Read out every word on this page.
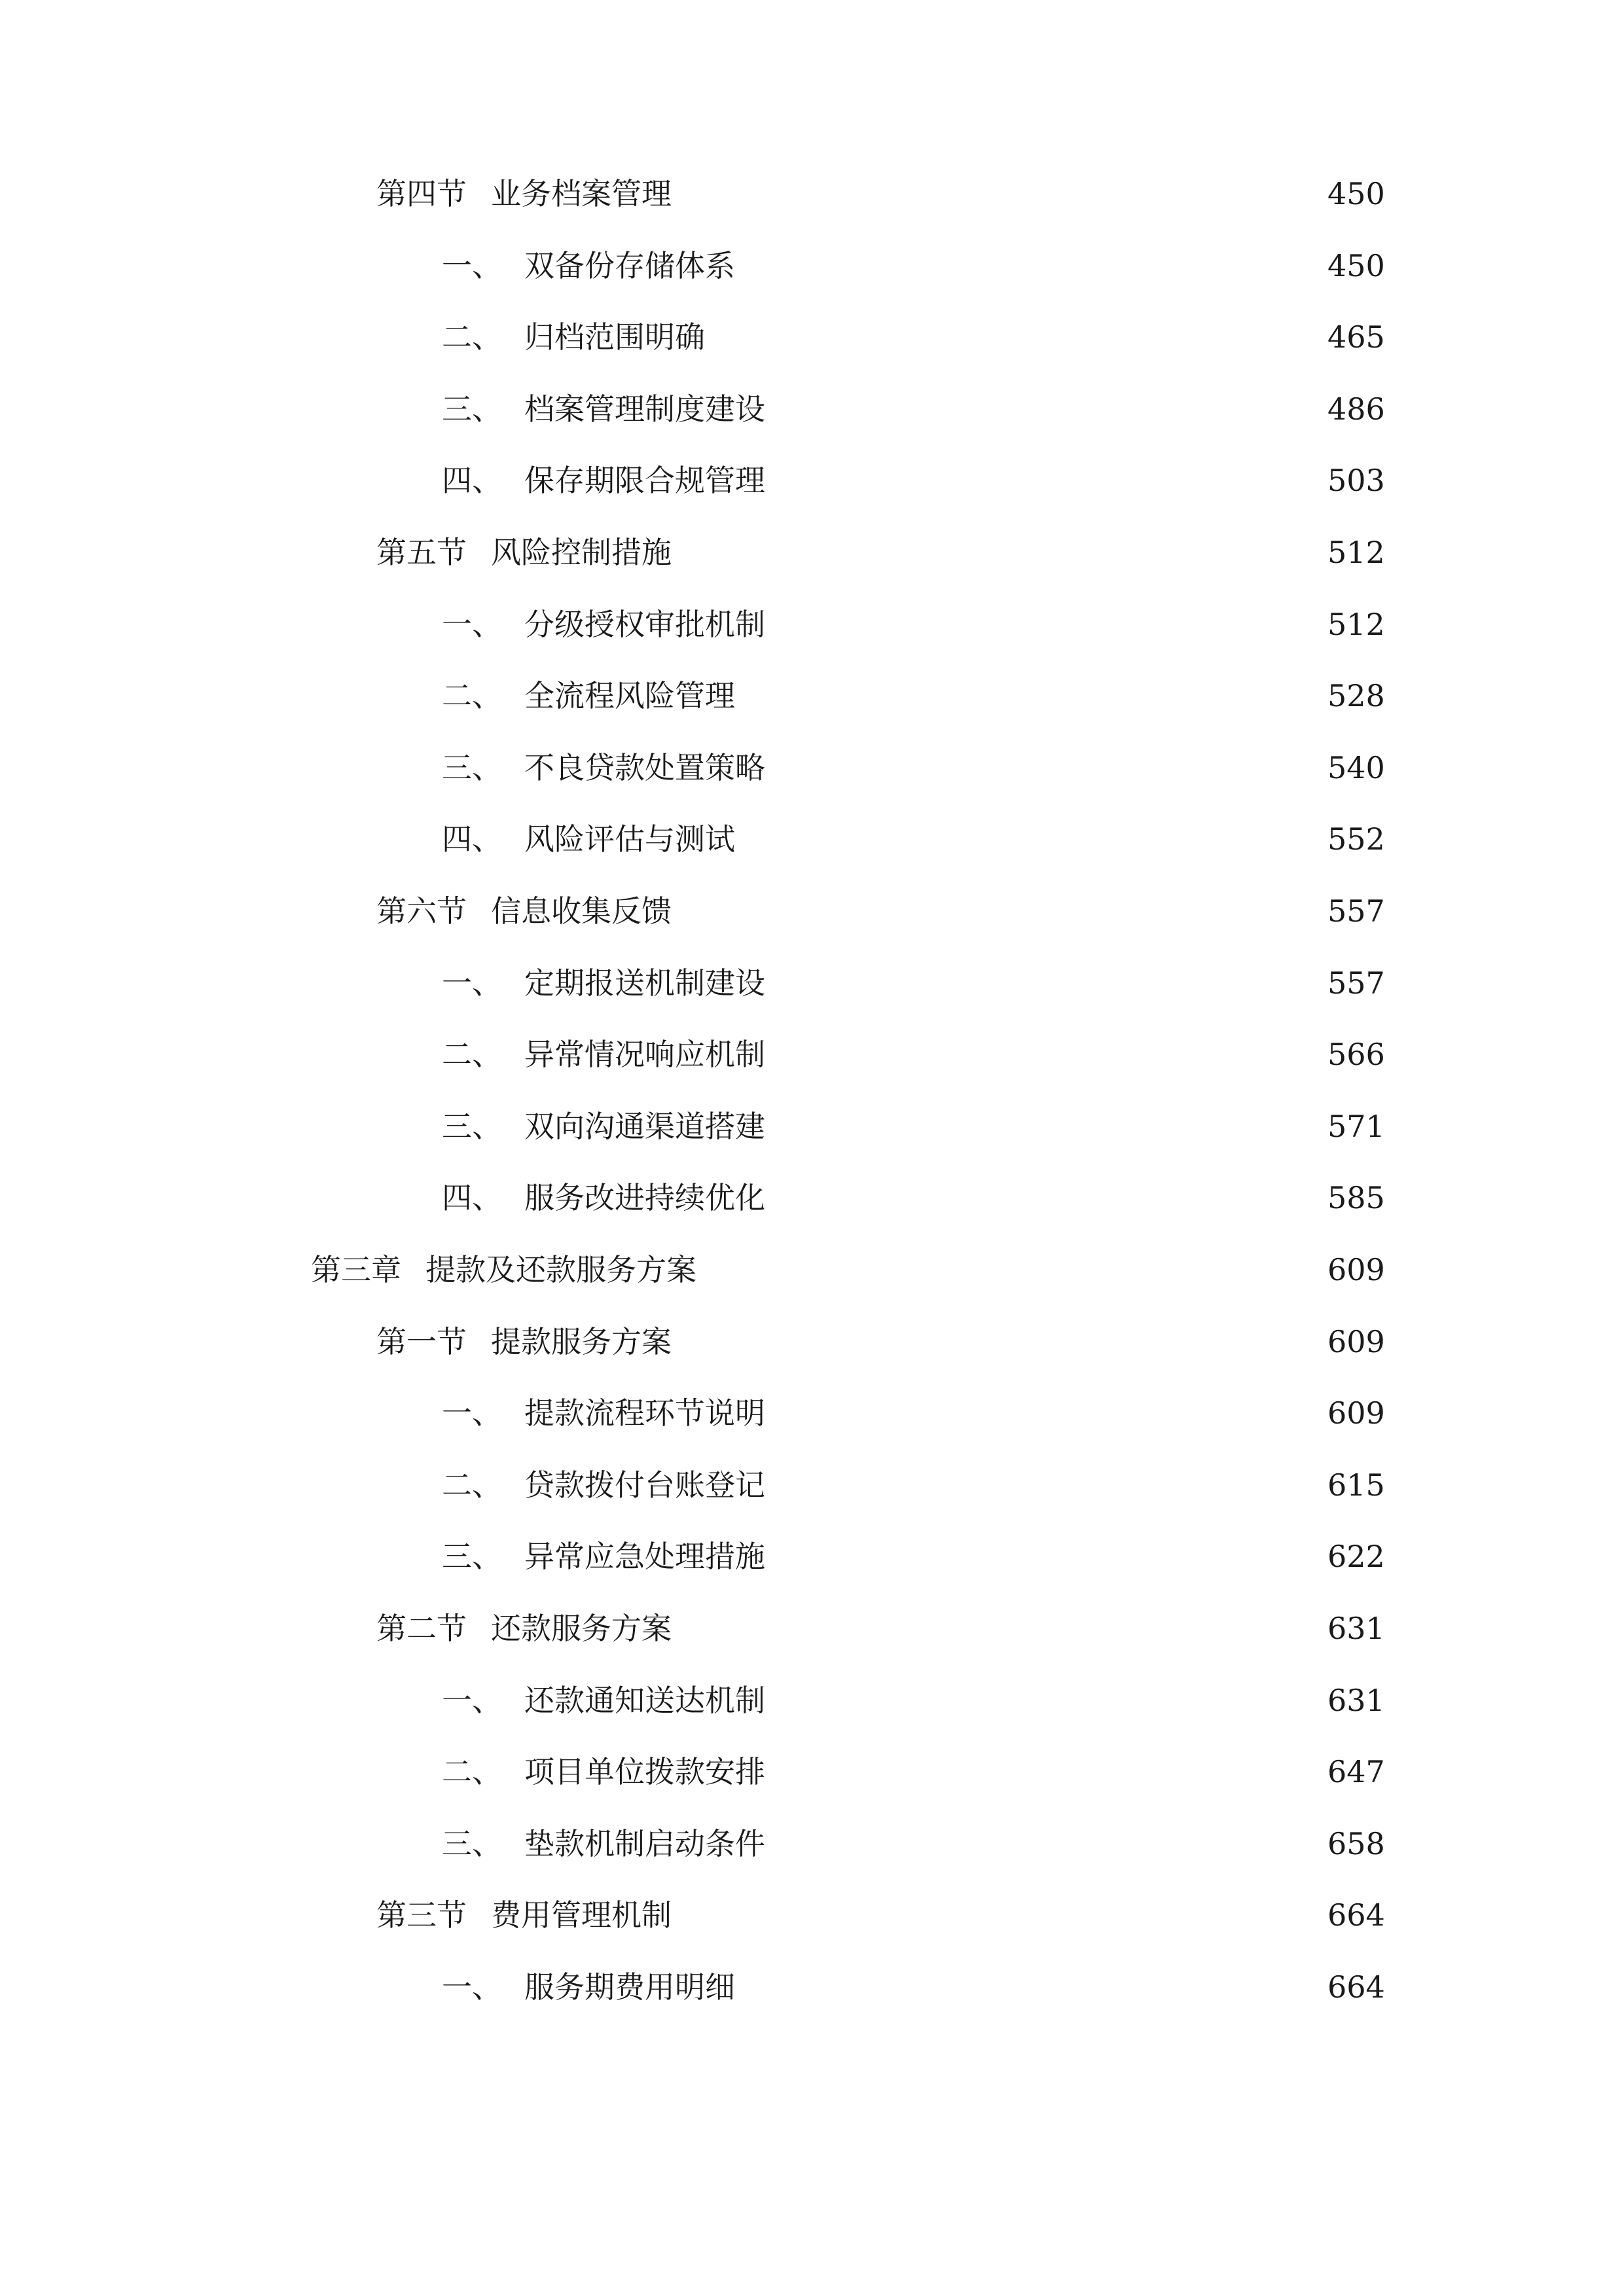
第四节 业务档案管理	450
一、 双备份存储体系	450
二、 归档范围明确	465
三、 档案管理制度建设	486
四、 保存期限合规管理	503
第五节 风险控制措施	512
一、 分级授权审批机制	512
二、 全流程风险管理	528
三、 不良贷款处置策略	540
四、 风险评估与测试	552
第六节 信息收集反馈	557
一、 定期报送机制建设	557
二、 异常情况响应机制	566
三、 双向沟通渠道搭建	571
四、 服务改进持续优化	585
第三章 提款及还款服务方案	609
第一节 提款服务方案	609
一、 提款流程环节说明	609
二、 贷款拨付台账登记	615
三、 异常应急处理措施	622
第二节 还款服务方案	631
一、 还款通知送达机制	631
二、 项目单位拨款安排	647
三、 垫款机制启动条件	658
第三节 费用管理机制	664
一、 服务期费用明细	664
